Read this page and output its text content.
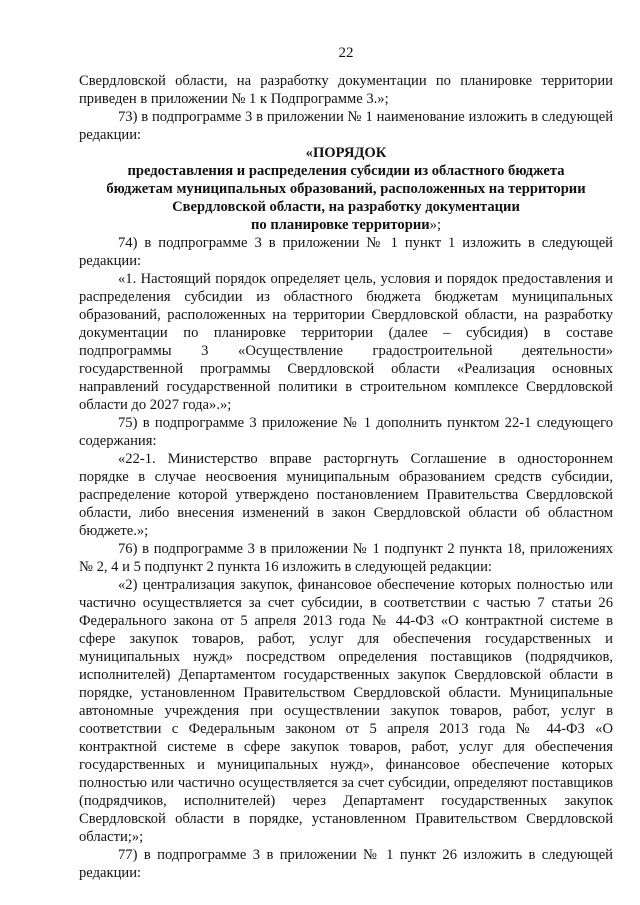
22

Свердловской области, на разработку документации по планировке территории приведен в приложении № 1 к Подпрограмме 3.»;

73) в подпрограмме 3 в приложении № 1 наименование изложить в следующей редакции:

«ПОРЯДОК
предоставления и распределения субсидии из областного бюджета
бюджетам муниципальных образований, расположенных на территории
Свердловской области, на разработку документации
по планировке территории»;

74) в подпрограмме 3 в приложении № 1 пункт 1 изложить в следующей редакции:

«1. Настоящий порядок определяет цель, условия и порядок предоставления и распределения субсидии из областного бюджета бюджетам муниципальных образований, расположенных на территории Свердловской области, на разработку документации по планировке территории (далее – субсидия) в составе подпрограммы 3 «Осуществление градостроительной деятельности» государственной программы Свердловской области «Реализация основных направлений государственной политики в строительном комплексе Свердловской области до 2027 года».»;

75) в подпрограмме 3 приложение № 1 дополнить пунктом 22-1 следующего содержания:

«22-1. Министерство вправе расторгнуть Соглашение в одностороннем порядке в случае неосвоения муниципальным образованием средств субсидии, распределение которой утверждено постановлением Правительства Свердловской области, либо внесения изменений в закон Свердловской области об областном бюджете.»;

76) в подпрограмме 3 в приложении № 1 подпункт 2 пункта 18, приложениях № 2, 4 и 5 подпункт 2 пункта 16 изложить в следующей редакции:

«2) централизация закупок, финансовое обеспечение которых полностью или частично осуществляется за счет субсидии, в соответствии с частью 7 статьи 26 Федерального закона от 5 апреля 2013 года № 44-ФЗ «О контрактной системе в сфере закупок товаров, работ, услуг для обеспечения государственных и муниципальных нужд» посредством определения поставщиков (подрядчиков, исполнителей) Департаментом государственных закупок Свердловской области в порядке, установленном Правительством Свердловской области. Муниципальные автономные учреждения при осуществлении закупок товаров, работ, услуг в соответствии с Федеральным законом от 5 апреля 2013 года № 44-ФЗ «О контрактной системе в сфере закупок товаров, работ, услуг для обеспечения государственных и муниципальных нужд», финансовое обеспечение которых полностью или частично осуществляется за счет субсидии, определяют поставщиков (подрядчиков, исполнителей) через Департамент государственных закупок Свердловской области в порядке, установленном Правительством Свердловской области;»;

77) в подпрограмме 3 в приложении № 1 пункт 26 изложить в следующей редакции:
